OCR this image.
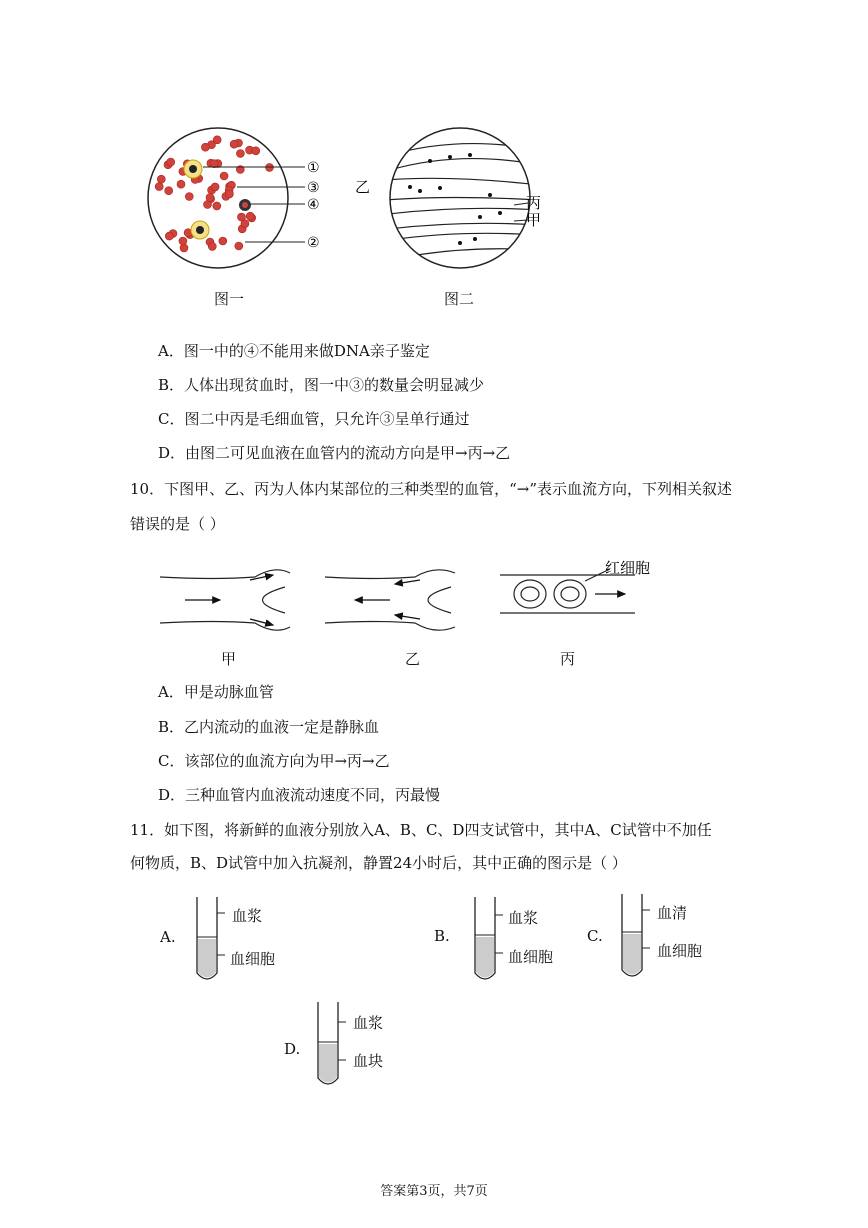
①
③
④
②
图一
乙
丙
甲
图二
A．图一中的④不能用来做DNA亲子鉴定
B．人体出现贫血时，图一中③的数量会明显减少
C．图二中丙是毛细血管，只允许③呈单行通过
D．由图二可见血液在血管内的流动方向是甲→丙→乙
10．下图甲、乙、丙为人体内某部位的三种类型的血管，“→”表示血流方向，下列相关叙述
错误的是（ ）
红细胞
甲	乙	丙
A．甲是动脉血管
B．乙内流动的血液一定是静脉血
C．该部位的血流方向为甲→丙→乙
D．三种血管内血液流动速度不同，丙最慢
11．如下图，将新鲜的血液分别放入A、B、C、D四支试管中，其中A、C试管中不加任
何物质，B、D试管中加入抗凝剂，静置24小时后，其中正确的图示是（ ）
A.
血浆
血细胞
B.
血浆
血细胞
C.
血清
血细胞
D.
血浆
血块
答案第3页，共7页
